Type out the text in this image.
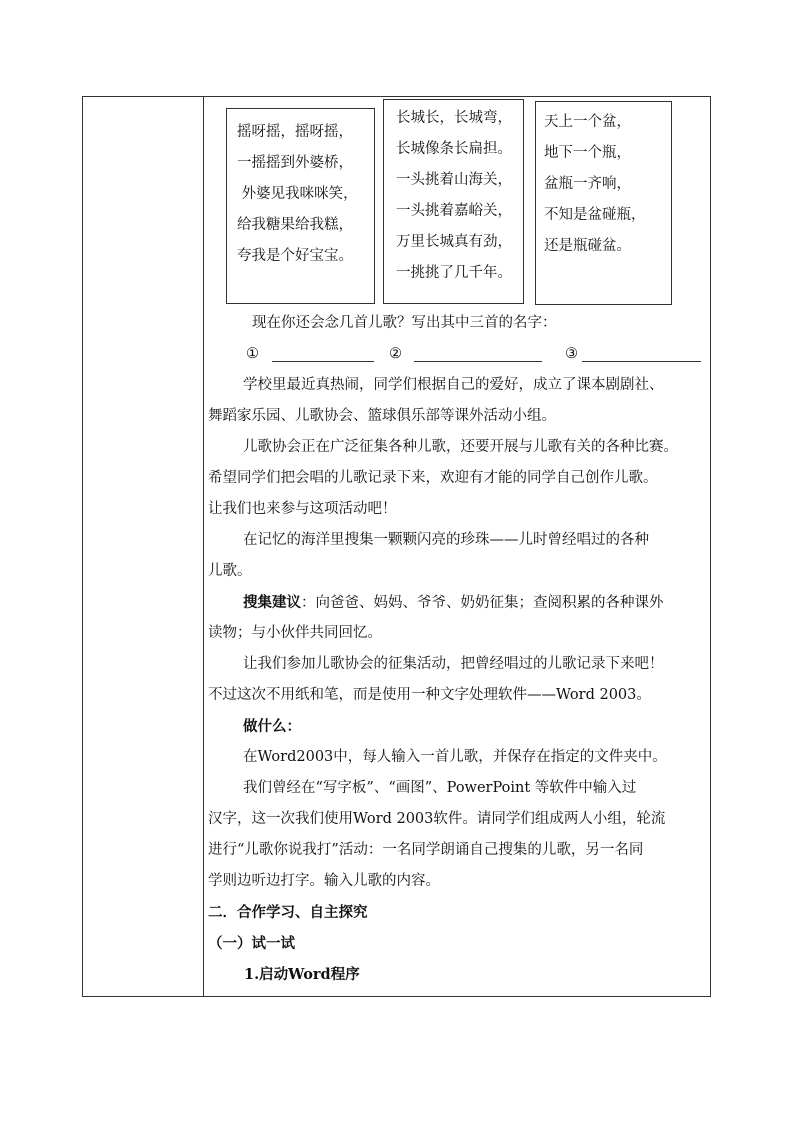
摇呀摇，摇呀摇，
一摇摇到外婆桥，
外婆见我咪咪笑，
给我糖果给我糕，
夸我是个好宝宝。
长城长，长城弯，
长城像条长扁担。
一头挑着山海关，
一头挑着嘉峪关，
万里长城真有劲，
一挑挑了几千年。
天上一个盆，
地下一个瓶，
盆瓶一齐响，
不知是盆碰瓶，
还是瓶碰盆。
现在你还会念几首儿歌？写出其中三首的名字：
①	②	③
学校里最近真热闹，同学们根据自己的爱好，成立了课本剧剧社、
舞蹈家乐园、儿歌协会、篮球俱乐部等课外活动小组。
儿歌协会正在广泛征集各种儿歌，还要开展与儿歌有关的各种比赛。
希望同学们把会唱的儿歌记录下来，欢迎有才能的同学自己创作儿歌。
让我们也来参与这项活动吧！
在记忆的海洋里搜集一颗颗闪亮的珍珠——儿时曾经唱过的各种
儿歌。
搜集建议：向爸爸、妈妈、爷爷、奶奶征集；查阅积累的各种课外
读物；与小伙伴共同回忆。
让我们参加儿歌协会的征集活动，把曾经唱过的儿歌记录下来吧！
不过这次不用纸和笔，而是使用一种文字处理软件——Word 2003。
做什么：
在Word2003中，每人输入一首儿歌，并保存在指定的文件夹中。
我们曾经在“写字板”、“画图”、PowerPoint 等软件中输入过
汉字，这一次我们使用Word 2003软件。请同学们组成两人小组，轮流
进行“儿歌你说我打”活动：一名同学朗诵自己搜集的儿歌，另一名同
学则边听边打字。输入儿歌的内容。
二．合作学习、自主探究
（一）试一试
1.启动Word程序
